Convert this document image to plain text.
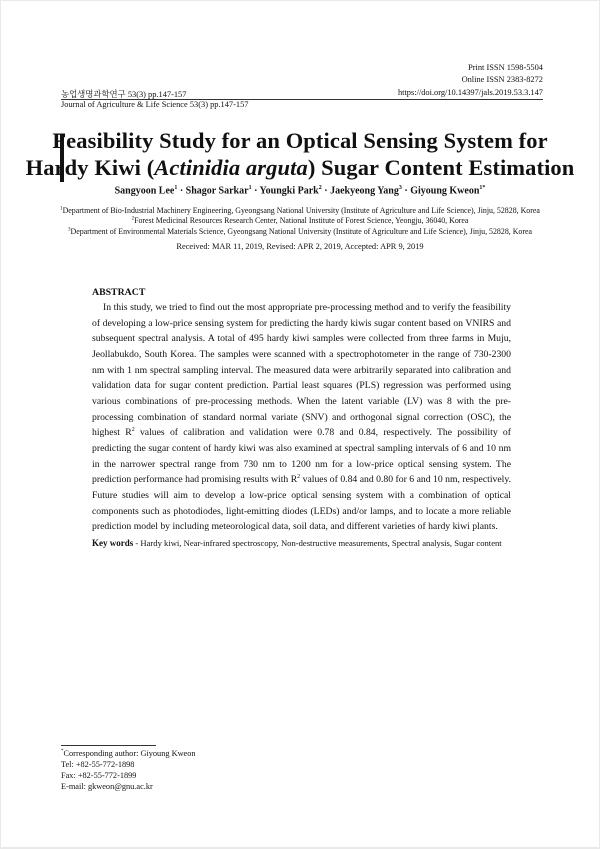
Print ISSN 1598-5504
Online ISSN 2383-8272
농업생명과학연구 53(3) pp.147-157	https://doi.org/10.14397/jals.2019.53.3.147
Journal of Agriculture & Life Science 53(3) pp.147-157
Feasibility Study for an Optical Sensing System for
Hardy Kiwi (Actinidia arguta) Sugar Content Estimation
Sangyoon Lee$^1$ · Shagor Sarkar$^1$ · Youngki Park$^2$ · Jaekyeong Yang$^3$ · Giyoung Kweon$^{1*}$
$^1$Department of Bio-Industrial Machinery Engineering, Gyeongsang National University (Institute of Agriculture and Life Science), Jinju, 52828, Korea
$^2$Forest Medicinal Resources Research Center, National Institute of Forest Science, Yeongju, 36040, Korea
$^3$Department of Environmental Materials Science, Gyeongsang National University (Institute of Agriculture and Life Science), Jinju, 52828, Korea
Received: MAR 11, 2019, Revised: APR 2, 2019, Accepted: APR 9, 2019
ABSTRACT
In this study, we tried to find out the most appropriate pre-processing method and to verify the feasibility of developing a low-price sensing system for predicting the hardy kiwis sugar content based on VNIRS and subsequent spectral analysis. A total of 495 hardy kiwi samples were collected from three farms in Muju, Jeollabukdo, South Korea. The samples were scanned with a spectrophotometer in the range of 730-2300 nm with 1 nm spectral sampling interval. The measured data were arbitrarily separated into calibration and validation data for sugar content prediction. Partial least squares (PLS) regression was performed using various combinations of pre-processing methods. When the latent variable (LV) was 8 with the pre-processing combination of standard normal variate (SNV) and orthogonal signal correction (OSC), the highest $R^2$ values of calibration and validation were 0.78 and 0.84, respectively. The possibility of predicting the sugar content of hardy kiwi was also examined at spectral sampling intervals of 6 and 10 nm in the narrower spectral range from 730 nm to 1200 nm for a low-price optical sensing system. The prediction performance had promising results with $R^2$ values of 0.84 and 0.80 for 6 and 10 nm, respectively. Future studies will aim to develop a low-price optical sensing system with a combination of optical components such as photodiodes, light-emitting diodes (LEDs) and/or lamps, and to locate a more reliable prediction model by including meteorological data, soil data, and different varieties of hardy kiwi plants.
Key words - Hardy kiwi, Near-infrared spectroscopy, Non-destructive measurements, Spectral analysis, Sugar content
*Corresponding author: Giyoung Kweon
Tel: +82-55-772-1898
Fax: +82-55-772-1899
E-mail: gkweon@gnu.ac.kr
